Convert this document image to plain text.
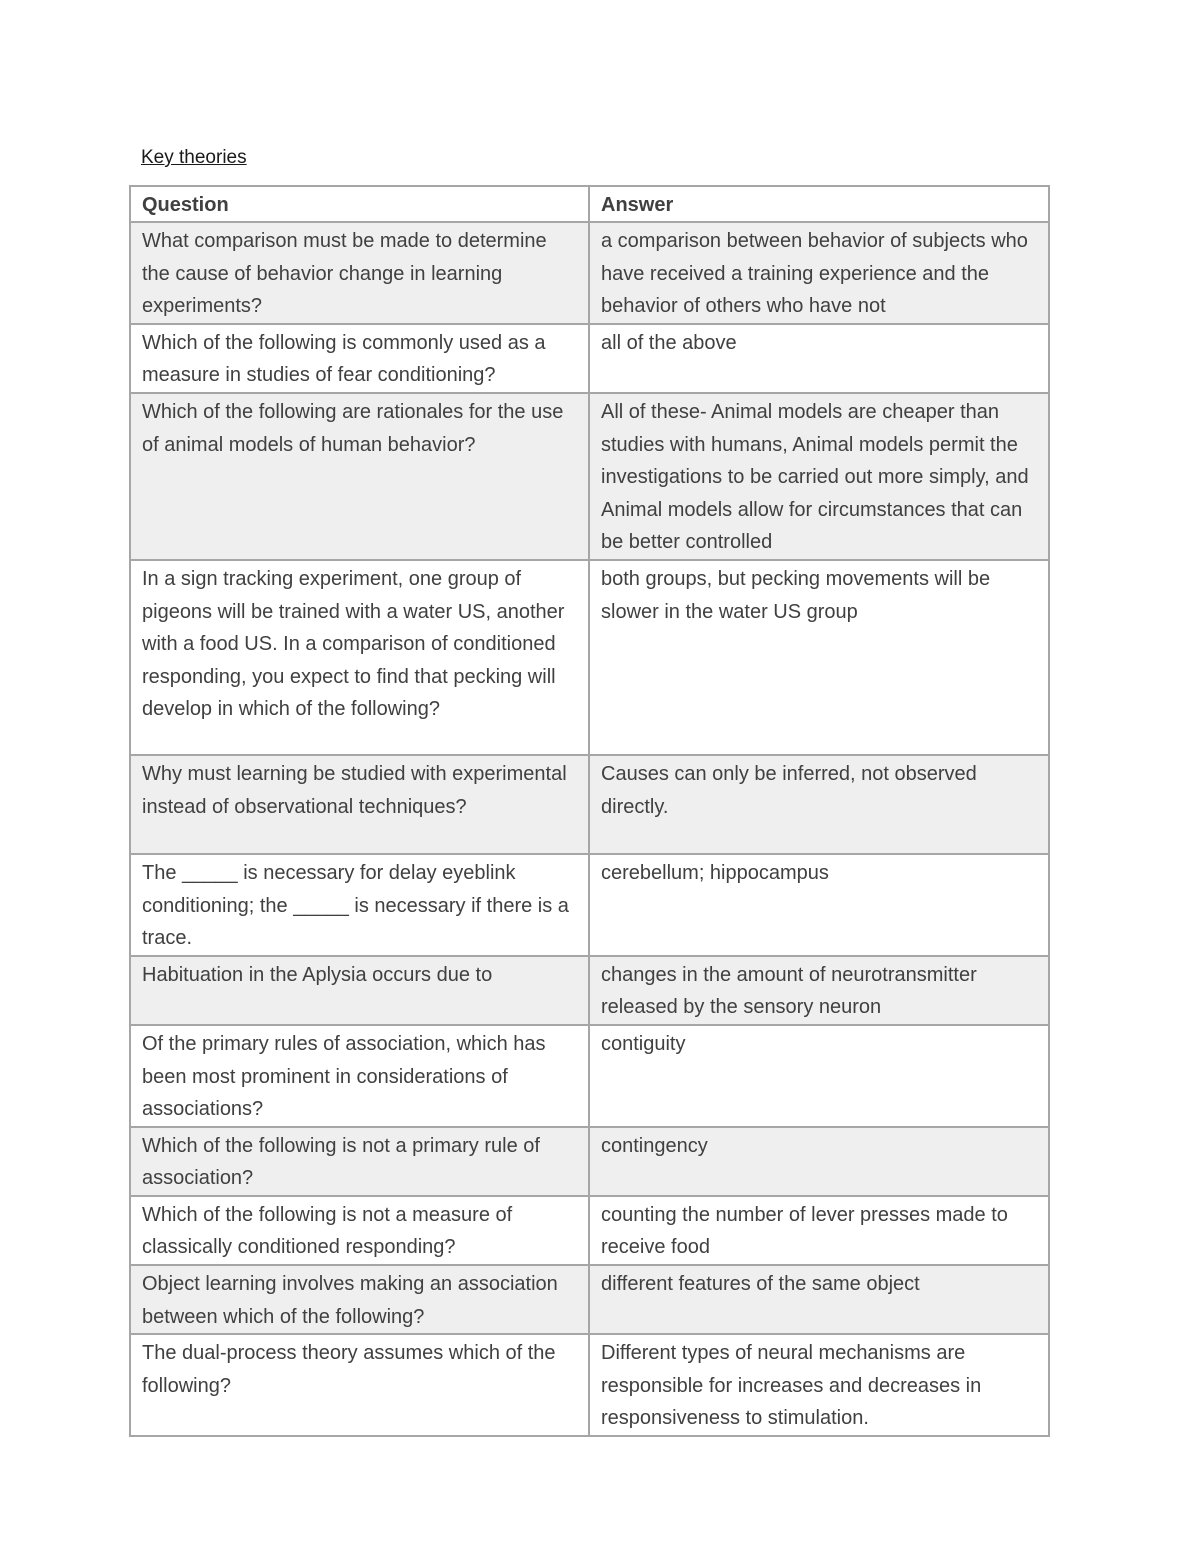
Key theories
Question	Answer
What comparison must be made to determine the cause of behavior change in learning experiments?	a comparison between behavior of subjects who have received a training experience and the behavior of others who have not
Which of the following is commonly used as a measure in studies of fear conditioning?	all of the above
Which of the following are rationales for the use of animal models of human behavior?	All of these- Animal models are cheaper than studies with humans, Animal models permit the investigations to be carried out more simply, and Animal models allow for circumstances that can be better controlled
In a sign tracking experiment, one group of pigeons will be trained with a water US, another with a food US. In a comparison of conditioned responding, you expect to find that pecking will develop in which of the following?	both groups, but pecking movements will be slower in the water US group
Why must learning be studied with experimental instead of observational techniques?	Causes can only be inferred, not observed directly.
The _____ is necessary for delay eyeblink conditioning; the _____ is necessary if there is a trace.	cerebellum; hippocampus
Habituation in the Aplysia occurs due to	changes in the amount of neurotransmitter released by the sensory neuron
Of the primary rules of association, which has been most prominent in considerations of associations?	contiguity
Which of the following is not a primary rule of association?	contingency
Which of the following is not a measure of classically conditioned responding?	counting the number of lever presses made to receive food
Object learning involves making an association between which of the following?	different features of the same object
The dual-process theory assumes which of the following?	Different types of neural mechanisms are responsible for increases and decreases in responsiveness to stimulation.
